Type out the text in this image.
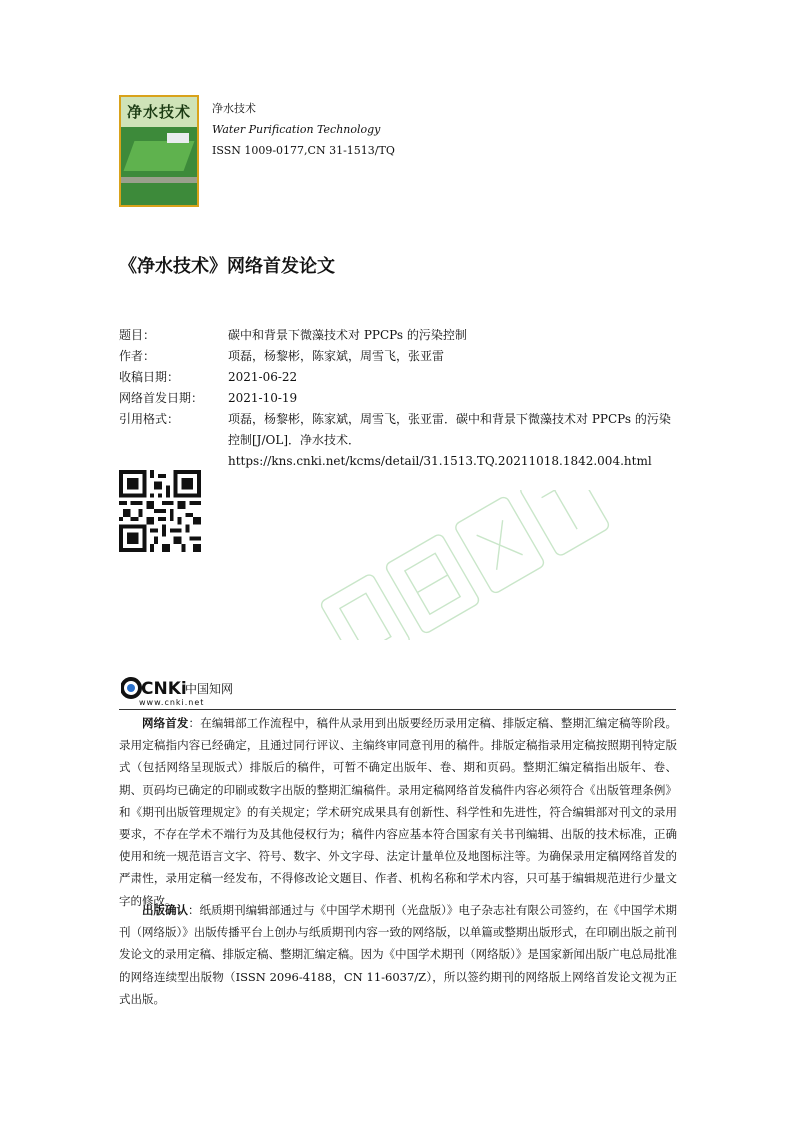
净水技术	净水技术
Water Purification Technology
ISSN 1009-0177,CN 31-1513/TQ
《净水技术》网络首发论文
题目：	碳中和背景下微藻技术对 PPCPs 的污染控制
作者：	项磊，杨黎彬，陈家斌，周雪飞，张亚雷
收稿日期：	2021-06-22
网络首发日期：	2021-10-19
引用格式：	项磊，杨黎彬，陈家斌，周雪飞，张亚雷．碳中和背景下微藻技术对 PPCPs 的污染控制[J/OL]．净水技术．
https://kns.cnki.net/kcms/detail/31.1513.TQ.20211018.1842.004.html
CNKi
中国知网
www.cnki.net

网络首发：在编辑部工作流程中，稿件从录用到出版要经历录用定稿、排版定稿、整期汇编定稿等阶段。录用定稿指内容已经确定，且通过同行评议、主编终审同意刊用的稿件。排版定稿指录用定稿按照期刊特定版式（包括网络呈现版式）排版后的稿件，可暂不确定出版年、卷、期和页码。整期汇编定稿指出版年、卷、期、页码均已确定的印刷或数字出版的整期汇编稿件。录用定稿网络首发稿件内容必须符合《出版管理条例》和《期刊出版管理规定》的有关规定；学术研究成果具有创新性、科学性和先进性，符合编辑部对刊文的录用要求，不存在学术不端行为及其他侵权行为；稿件内容应基本符合国家有关书刊编辑、出版的技术标准，正确使用和统一规范语言文字、符号、数字、外文字母、法定计量单位及地图标注等。为确保录用定稿网络首发的严肃性，录用定稿一经发布，不得修改论文题目、作者、机构名称和学术内容，只可基于编辑规范进行少量文字的修改。

出版确认：纸质期刊编辑部通过与《中国学术期刊（光盘版）》电子杂志社有限公司签约，在《中国学术期刊（网络版）》出版传播平台上创办与纸质期刊内容一致的网络版，以单篇或整期出版形式，在印刷出版之前刊发论文的录用定稿、排版定稿、整期汇编定稿。因为《中国学术期刊（网络版）》是国家新闻出版广电总局批准的网络连续型出版物（ISSN 2096-4188，CN 11-6037/Z），所以签约期刊的网络版上网络首发论文视为正式出版。
